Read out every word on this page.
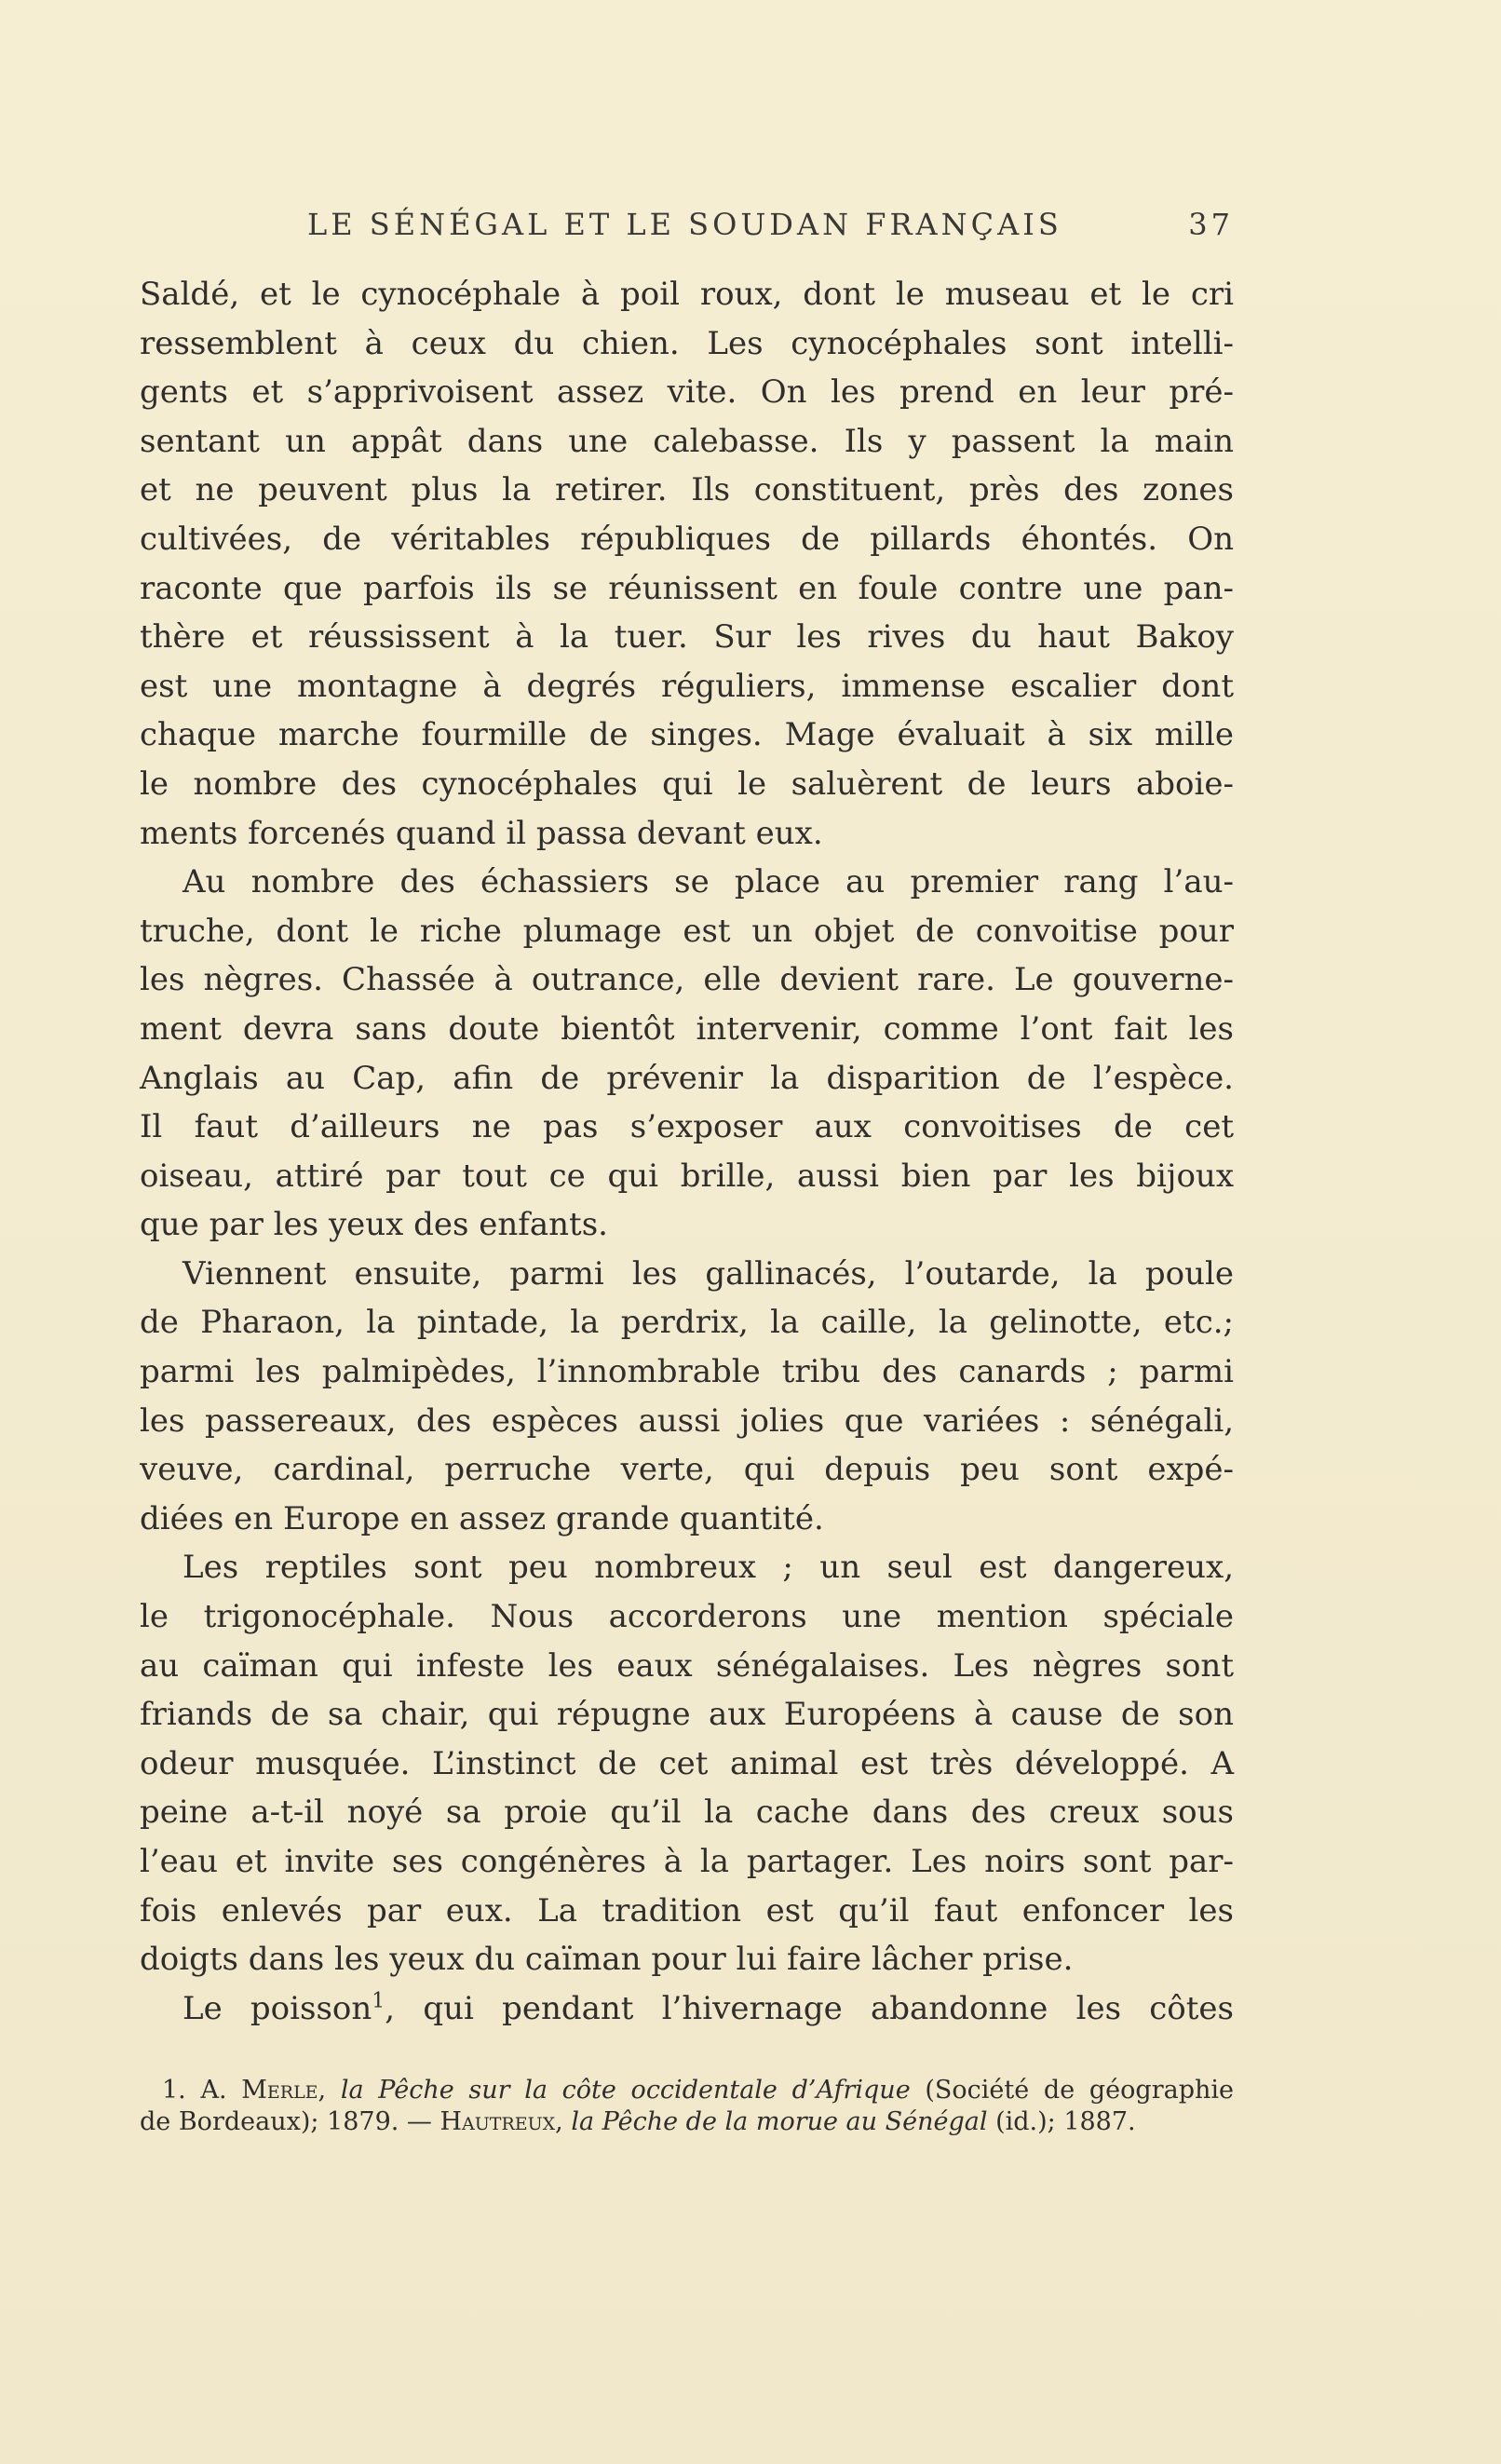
LE SÉNÉGAL ET LE SOUDAN FRANÇAIS	37
Saldé, et le cynocéphale à poil roux, dont le museau et le cri
ressemblent à ceux du chien. Les cynocéphales sont intelli-
gents et s’apprivoisent assez vite. On les prend en leur pré-
sentant un appât dans une calebasse. Ils y passent la main
et ne peuvent plus la retirer. Ils constituent, près des zones
cultivées, de véritables républiques de pillards éhontés. On
raconte que parfois ils se réunissent en foule contre une pan-
thère et réussissent à la tuer. Sur les rives du haut Bakoy
est une montagne à degrés réguliers, immense escalier dont
chaque marche fourmille de singes. Mage évaluait à six mille
le nombre des cynocéphales qui le saluèrent de leurs aboie-
ments forcenés quand il passa devant eux.
Au nombre des échassiers se place au premier rang l’au-
truche, dont le riche plumage est un objet de convoitise pour
les nègres. Chassée à outrance, elle devient rare. Le gouverne-
ment devra sans doute bientôt intervenir, comme l’ont fait les
Anglais au Cap, afin de prévenir la disparition de l’espèce.
Il faut d’ailleurs ne pas s’exposer aux convoitises de cet
oiseau, attiré par tout ce qui brille, aussi bien par les bijoux
que par les yeux des enfants.
Viennent ensuite, parmi les gallinacés, l’outarde, la poule
de Pharaon, la pintade, la perdrix, la caille, la gelinotte, etc.;
parmi les palmipèdes, l’innombrable tribu des canards ; parmi
les passereaux, des espèces aussi jolies que variées : sénégali,
veuve, cardinal, perruche verte, qui depuis peu sont expé-
diées en Europe en assez grande quantité.
Les reptiles sont peu nombreux ; un seul est dangereux,
le trigonocéphale. Nous accorderons une mention spéciale
au caïman qui infeste les eaux sénégalaises. Les nègres sont
friands de sa chair, qui répugne aux Européens à cause de son
odeur musquée. L’instinct de cet animal est très développé. A
peine a-t-il noyé sa proie qu’il la cache dans des creux sous
l’eau et invite ses congénères à la partager. Les noirs sont par-
fois enlevés par eux. La tradition est qu’il faut enfoncer les
doigts dans les yeux du caïman pour lui faire lâcher prise.
Le poisson$^1$, qui pendant l’hivernage abandonne les côtes
1. A. Merle, la Pêche sur la côte occidentale d’Afrique (Société de géographie
de Bordeaux); 1879. — Hautreux, la Pêche de la morue au Sénégal (id.); 1887.
